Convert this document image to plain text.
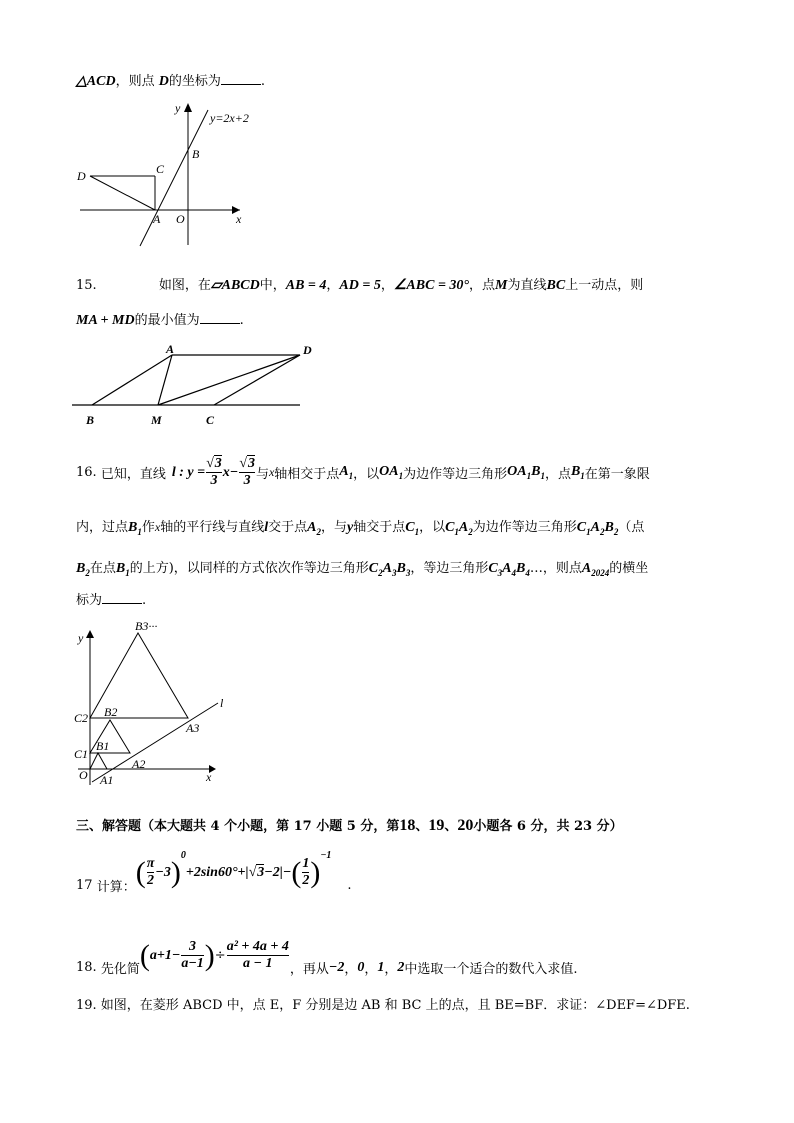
△ACD，则点 D的坐标为	.
y=2x+2
y
x
O
A
B
C
D
15.	如图，在▱ABCD中，AB = 4，AD = 5，∠ABC = 30°，点M为直线BC上一动点，则
MA + MD的最小值为	.
A	D
B	M	C
16.
已知，直线 l : $y = \frac{√3}{3}$ $x - \frac{√3}{3}$ 与 x 轴相交于点 $A_1$ ，以 $OA_1$ 为边作等边三角形 $OA_1B_1$ ，点 $B_1$ 在第一象限
内，过点$B_1$作x轴的平行线与直线l交于点$A_2$，与y轴交于点$C_1$，以$C_1A_2$为边作等边三角形$C_1A_2B_2$（点
$B_2$在点$B_1$的上方)，以同样的方式依次作等边三角形$C_2A_3B_3$，等边三角形$C_3A_4B_4\dots$，则点$A_{2024}$的横坐
标为	.
y
x
O
l
B3···
B2
B1
C2
C1
A1
A2
A3
三、解答题（本大题共 4 个小题，第 17 小题 5 分，第18、19、20小题各 6 分，共 23 分）
17
计算： ( $\frac{\pi}{2} -3$ ) 0
+2sin60°+| √3 −2|− ( $\frac{1}{2}$ ) −1
.
18.
先化简 ( $a+1- \frac{3}{a-1}$ ) ÷ $\frac{\text{a² + 4a + 4}}{a - 1}$ ，再从 −2 ， 0 ， 1 ， 2 中选取一个适合的数代入求值.
19. 如图，在菱形 ABCD 中，点 E，F 分别是边 AB 和 BC 上的点，且 BE=BF．求证：∠DEF=∠DFE.
